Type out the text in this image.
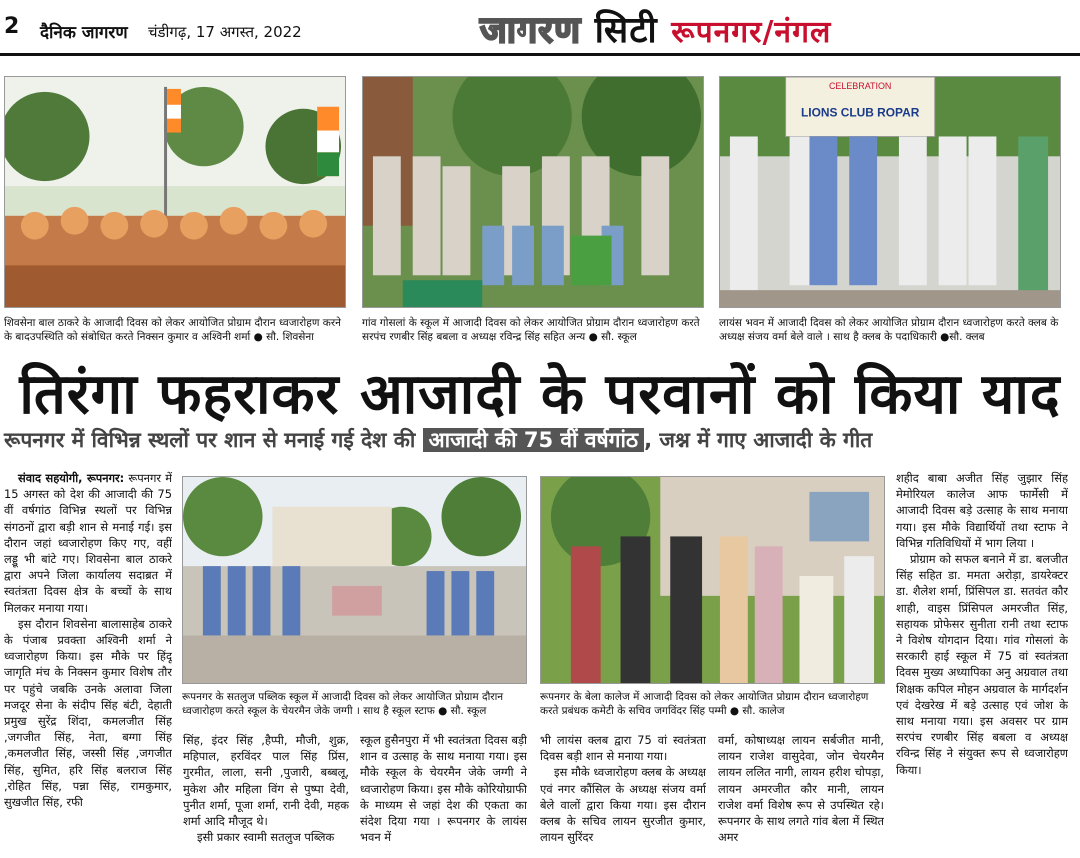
2 दैनिक जागरण चंडीगढ़, 17 अगस्त, 2022	जागरण सिटी रूपनगर/नंगल
शिवसेना बाल ठाकरे के आजादी दिवस को लेकर आयोजित प्रोग्राम दौरान ध्वजारोहण करने के बादउपस्थिति को संबोधित करते निक्सन कुमार व अश्विनी शर्मा ● सौ. शिवसेना
गांव गोसलां के स्कूल में आजादी दिवस को लेकर आयोजित प्रोग्राम दौरान ध्वजारोहण करते सरपंच रणबीर सिंह बबला व अध्यक्ष रविन्द्र सिंह सहित अन्य ● सौ. स्कूल
CELEBRATION
LIONS CLUB ROPAR
लायंस भवन में आजादी दिवस को लेकर आयोजित प्रोग्राम दौरान ध्वजारोहण करते क्लब के अध्यक्ष संजय वर्मा बेले वाले । साथ है क्लब के पदाधिकारी ●सौ. क्लब
तिरंगा फहराकर आजादी के परवानों को किया याद
रूपनगर में विभिन्न स्थलों पर शान से मनाई गई देश की आजादी की 75 वीं वर्षगांठ , जश्न में गाए आजादी के गीत

संवाद सहयोगी, रूपनगर: रूपनगर में 15 अगस्त को देश की आजादी की 75 वीं वर्षगांठ विभिन्न स्थलों पर विभिन्न संगठनों द्वारा बड़ी शान से मनाई गई। इस दौरान जहां ध्वजारोहण किए गए, वहीं लड्डू भी बांटे गए। शिवसेना बाल ठाकरे द्वारा अपने जिला कार्यालय सदाब्रत में स्वतंत्रता दिवस क्षेत्र के बच्चों के साथ मिलकर मनाया गया।

इस दौरान शिवसेना बालासाहेब ठाकरे के पंजाब प्रवक्ता अश्विनी शर्मा ने ध्वजारोहण किया। इस मौके पर हिंदू जागृति मंच के निक्सन कुमार विशेष तौर पर पहुंचे जबकि उनके अलावा जिला मजदूर सेना के संदीप सिंह बंटी, देहाती प्रमुख सुरेंद्र शिंदा, कमलजीत सिंह ,जगजीत सिंह, नेता, बग्गा सिंह ,कमलजीत सिंह, जस्सी सिंह ,जगजीत सिंह, सुमित, हरि सिंह बलराज सिंह ,रोहित सिंह, पन्ना सिंह, रामकुमार, सुखजीत सिंह, रफी

रूपनगर के सतलुज पब्लिक स्कूल में आजादी दिवस को लेकर आयोजित प्रोग्राम दौरान ध्वजारोहण करते स्कूल के चेयरमैन जेके जग्गी । साथ है स्कूल स्टाफ ● सौ. स्कूल
रूपनगर के बेला कालेज में आजादी दिवस को लेकर आयोजित प्रोग्राम दौरान ध्वजारोहण करते प्रबंधक कमेटी के सचिव जगविंदर सिंह पम्मी ● सौ. कालेज

सिंह, इंदर सिंह ,हैप्पी, मौजी, शुक्र, महिपाल, हरविंदर पाल सिंह प्रिंस, गुरमीत, लाला, सनी ,पुजारी, बब्बलू, मुकेश और महिला विंग से पुष्पा देवी, पुनीत शर्मा, पूजा शर्मा, रानी देवी, महक शर्मा आदि मौजूद थे।

इसी प्रकार स्वामी सतलुज पब्लिक

स्कूल हुसैनपुरा में भी स्वतंत्रता दिवस बड़ी शान व उत्साह के साथ मनाया गया। इस मौके स्कूल के चेयरमैन जेके जग्गी ने ध्वजारोहण किया। इस मौके कोरियोग्राफी के माध्यम से जहां देश की एकता का संदेश दिया गया । रूपनगर के लायंस भवन में

भी लायंस क्लब द्वारा 75 वां स्वतंत्रता दिवस बड़ी शान से मनाया गया।

इस मौके ध्वजारोहण क्लब के अध्यक्ष एवं नगर कौंसिल के अध्यक्ष संजय वर्मा बेले वालों द्वारा किया गया। इस दौरान क्लब के सचिव लायन सुरजीत कुमार, लायन सुरिंदर

वर्मा, कोषाध्यक्ष लायन सर्बजीत मानी, लायन राजेश वासुदेवा, जोन चेयरमैन लायन ललित नागी, लायन हरीश चोपड़ा, लायन अमरजीत कौर मानी, लायन राजेश वर्मा विशेष रूप से उपस्थित रहे। रूपनगर के साथ लगते गांव बेला में स्थित अमर

शहीद बाबा अजीत सिंह जुझार सिंह मेमोरियल कालेज आफ फार्मेसी में आजादी दिवस बड़े उत्साह के साथ मनाया गया। इस मौके विद्यार्थियों तथा स्टाफ ने विभिन्न गतिविधियों में भाग लिया ।

प्रोग्राम को सफल बनाने में डा. बलजीत सिंह सहित डा. ममता अरोड़ा, डायरेक्टर डा. शैलेश शर्मा, प्रिंसिपल डा. सतवंत कौर शाही, वाइस प्रिंसिपल अमरजीत सिंह, सहायक प्रोफेसर सुनीता रानी तथा स्टाफ ने विशेष योगदान दिया। गांव गोसलां के सरकारी हाई स्कूल में 75 वां स्वतंत्रता दिवस मुख्य अध्यापिका अनु अग्रवाल तथा शिक्षक कपिल मोहन अग्रवाल के मार्गदर्शन एवं देखरेख में बड़े उत्साह एवं जोश के साथ मनाया गया। इस अवसर पर ग्राम सरपंच रणबीर सिंह बबला व अध्यक्ष रविन्द्र सिंह ने संयुक्त रूप से ध्वजारोहण किया।
